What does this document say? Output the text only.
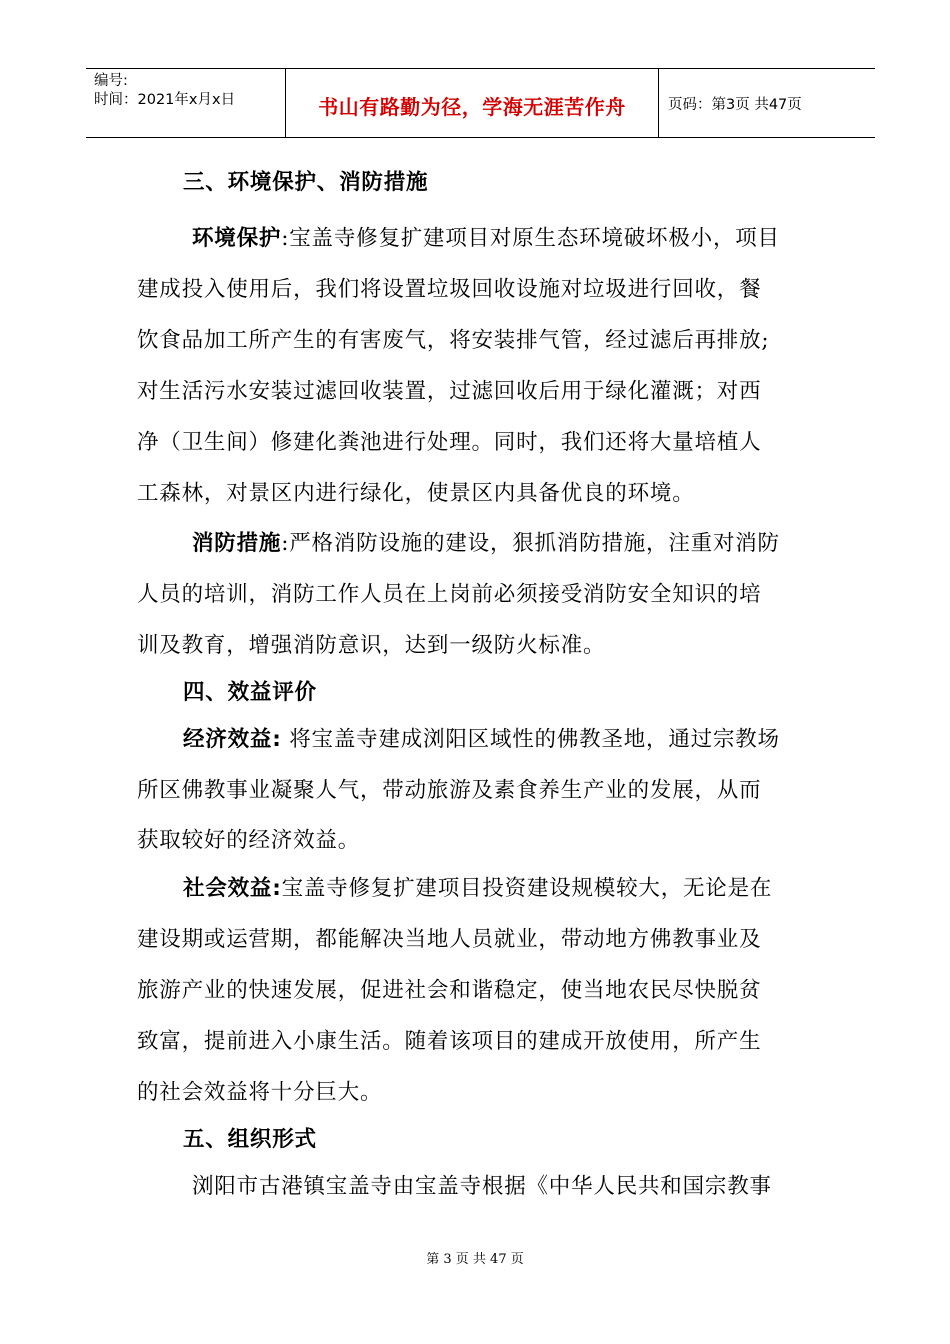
编号:
时间：2021年x月x日	书山有路勤为径，学海无涯苦作舟	页码：第3页 共47页
三、环境保护、消防措施
环境保护:宝盖寺修复扩建项目对原生态环境破坏极小，项目
建成投入使用后，我们将设置垃圾回收设施对垃圾进行回收，餐
饮食品加工所产生的有害废气，将安装排气管，经过滤后再排放;
对生活污水安装过滤回收装置，过滤回收后用于绿化灌溉；对西
净（卫生间）修建化粪池进行处理。同时，我们还将大量培植人
工森林，对景区内进行绿化，使景区内具备优良的环境。
消防措施:严格消防设施的建设，狠抓消防措施，注重对消防
人员的培训，消防工作人员在上岗前必须接受消防安全知识的培
训及教育，增强消防意识，达到一级防火标准。
四、效益评价
经济效益: 将宝盖寺建成浏阳区域性的佛教圣地，通过宗教场
所区佛教事业凝聚人气，带动旅游及素食养生产业的发展，从而
获取较好的经济效益。
社会效益:宝盖寺修复扩建项目投资建设规模较大，无论是在
建设期或运营期，都能解决当地人员就业，带动地方佛教事业及
旅游产业的快速发展，促进社会和谐稳定，使当地农民尽快脱贫
致富，提前进入小康生活。随着该项目的建成开放使用，所产生
的社会效益将十分巨大。
五、组织形式
浏阳市古港镇宝盖寺由宝盖寺根据《中华人民共和国宗教事
第 3 页 共 47 页
